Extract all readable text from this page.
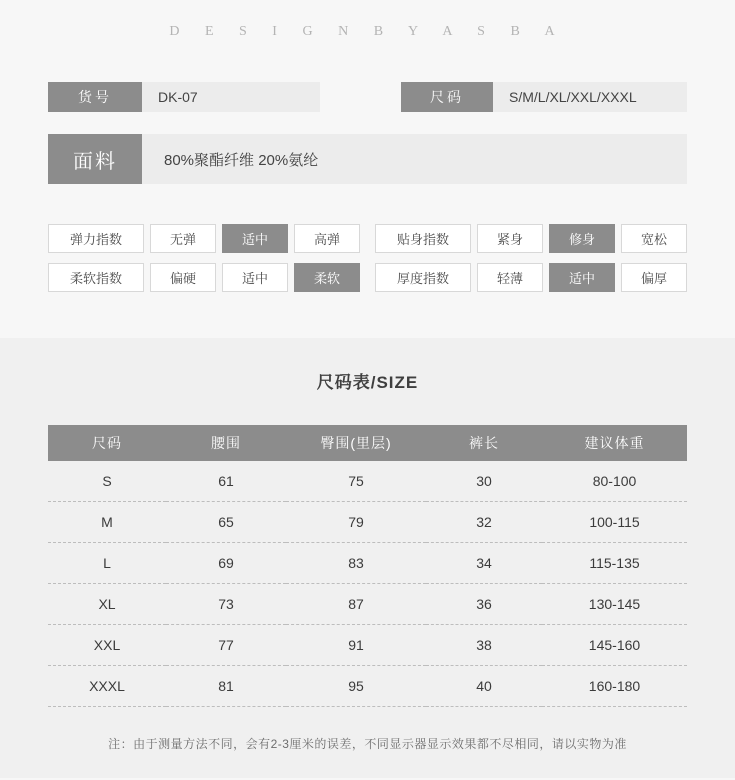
D E S I G N B Y A S B A
货号	DK-07	尺码	S/M/L/XL/XXL/XXXL
面料	80%聚酯纤维 20%氨纶
弹力指数	无弹	适中	高弹
柔软指数	偏硬	适中	柔软
贴身指数	紧身	修身	宽松
厚度指数	轻薄	适中	偏厚
尺码表/SIZE
尺码	腰围	臀围(里层)	裤长	建议体重
S	61	75	30	80-100
M	65	79	32	100-115
L	69	83	34	115-135
XL	73	87	36	130-145
XXL	77	91	38	145-160
XXXL	81	95	40	160-180
注：由于测量方法不同，会有2-3厘米的误差，不同显示器显示效果都不尽相同，请以实物为准
